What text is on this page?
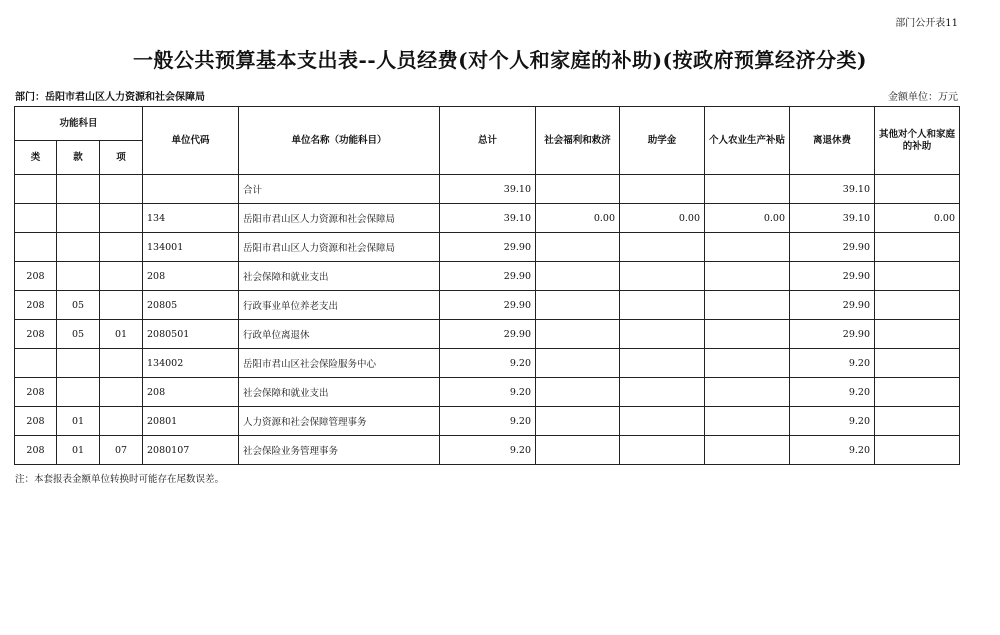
部门公开表11
一般公共预算基本支出表--人员经费(对个人和家庭的补助)(按政府预算经济分类)
部门：岳阳市君山区人力资源和社会保障局	金额单位：万元
功能科目			单位代码	单位名称（功能科目）	总计	社会福利和救济	助学金	个人农业生产补贴	离退休费	其他对个人和家庭的补助
类	款	项								
				合计	39.10				39.10	
			134	岳阳市君山区人力资源和社会保障局	39.10	0.00	0.00	0.00	39.10	0.00
			134001	岳阳市君山区人力资源和社会保障局	29.90				29.90	
208			208	社会保障和就业支出	29.90				29.90	
208	05		20805	行政事业单位养老支出	29.90				29.90	
208	05	01	2080501	行政单位离退休	29.90				29.90	
			134002	岳阳市君山区社会保险服务中心	9.20				9.20	
208			208	社会保障和就业支出	9.20				9.20	
208	01		20801	人力资源和社会保障管理事务	9.20				9.20	
208	01	07	2080107	社会保险业务管理事务	9.20				9.20	
注：本套报表金额单位转换时可能存在尾数误差。
